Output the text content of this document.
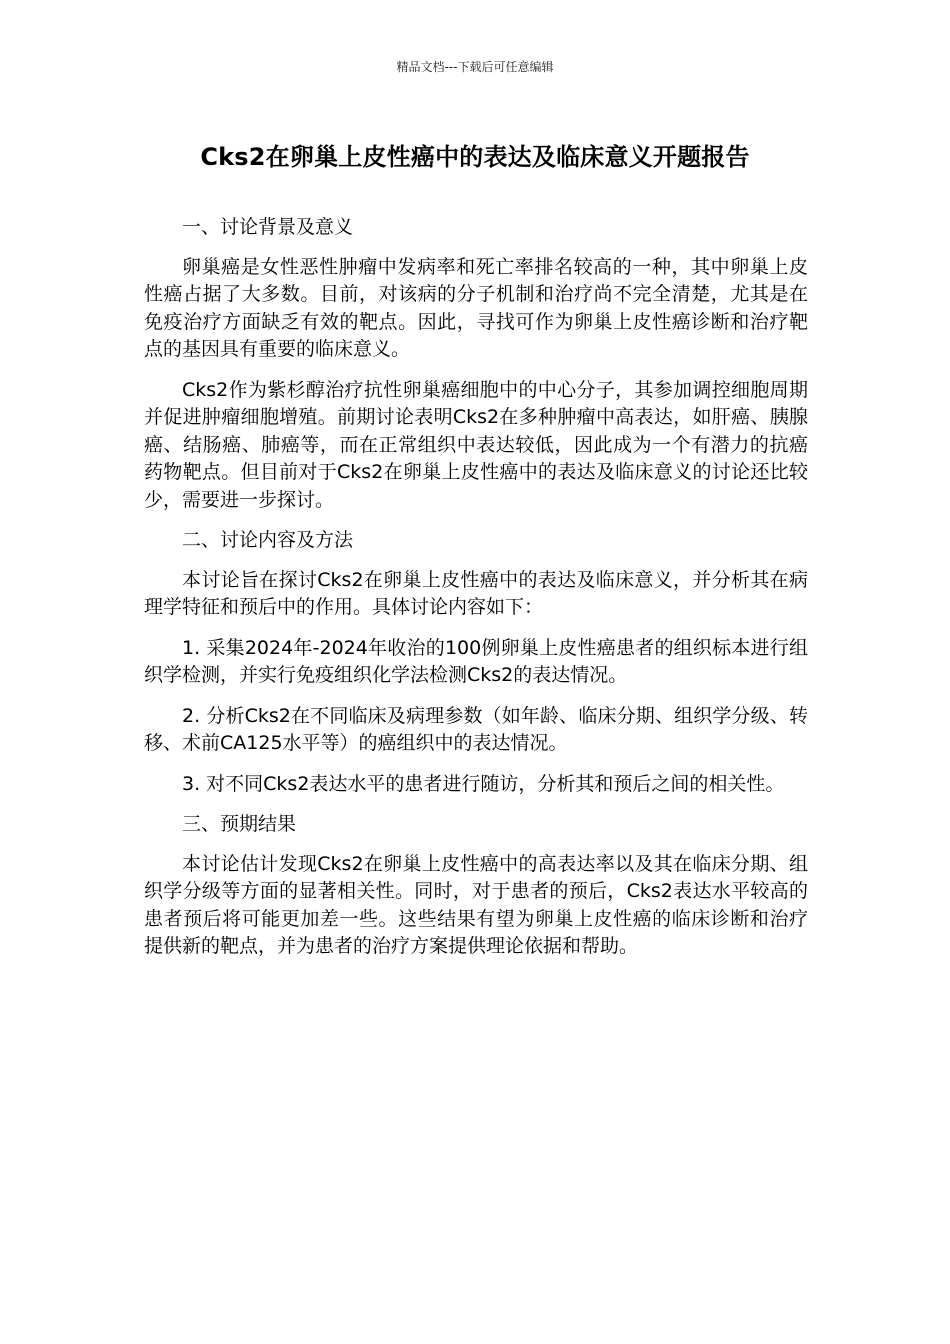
精品文档---下载后可任意编辑
Cks2在卵巢上皮性癌中的表达及临床意义开题报告

一、讨论背景及意义

卵巢癌是女性恶性肿瘤中发病率和死亡率排名较高的一种，其中卵巢上皮性癌占据了大多数。目前，对该病的分子机制和治疗尚不完全清楚，尤其是在免疫治疗方面缺乏有效的靶点。因此，寻找可作为卵巢上皮性癌诊断和治疗靶点的基因具有重要的临床意义。

Cks2作为紫杉醇治疗抗性卵巢癌细胞中的中心分子，其参加调控细胞周期并促进肿瘤细胞增殖。前期讨论表明Cks2在多种肿瘤中高表达，如肝癌、胰腺癌、结肠癌、肺癌等，而在正常组织中表达较低，因此成为一个有潜力的抗癌药物靶点。但目前对于Cks2在卵巢上皮性癌中的表达及临床意义的讨论还比较少，需要进一步探讨。

二、讨论内容及方法

本讨论旨在探讨Cks2在卵巢上皮性癌中的表达及临床意义，并分析其在病理学特征和预后中的作用。具体讨论内容如下：

1. 采集2024年-2024年收治的100例卵巢上皮性癌患者的组织标本进行组织学检测，并实行免疫组织化学法检测Cks2的表达情况。

2. 分析Cks2在不同临床及病理参数（如年龄、临床分期、组织学分级、转移、术前CA125水平等）的癌组织中的表达情况。

3. 对不同Cks2表达水平的患者进行随访，分析其和预后之间的相关性。

三、预期结果

本讨论估计发现Cks2在卵巢上皮性癌中的高表达率以及其在临床分期、组织学分级等方面的显著相关性。同时，对于患者的预后，Cks2表达水平较高的患者预后将可能更加差一些。这些结果有望为卵巢上皮性癌的临床诊断和治疗提供新的靶点，并为患者的治疗方案提供理论依据和帮助。
